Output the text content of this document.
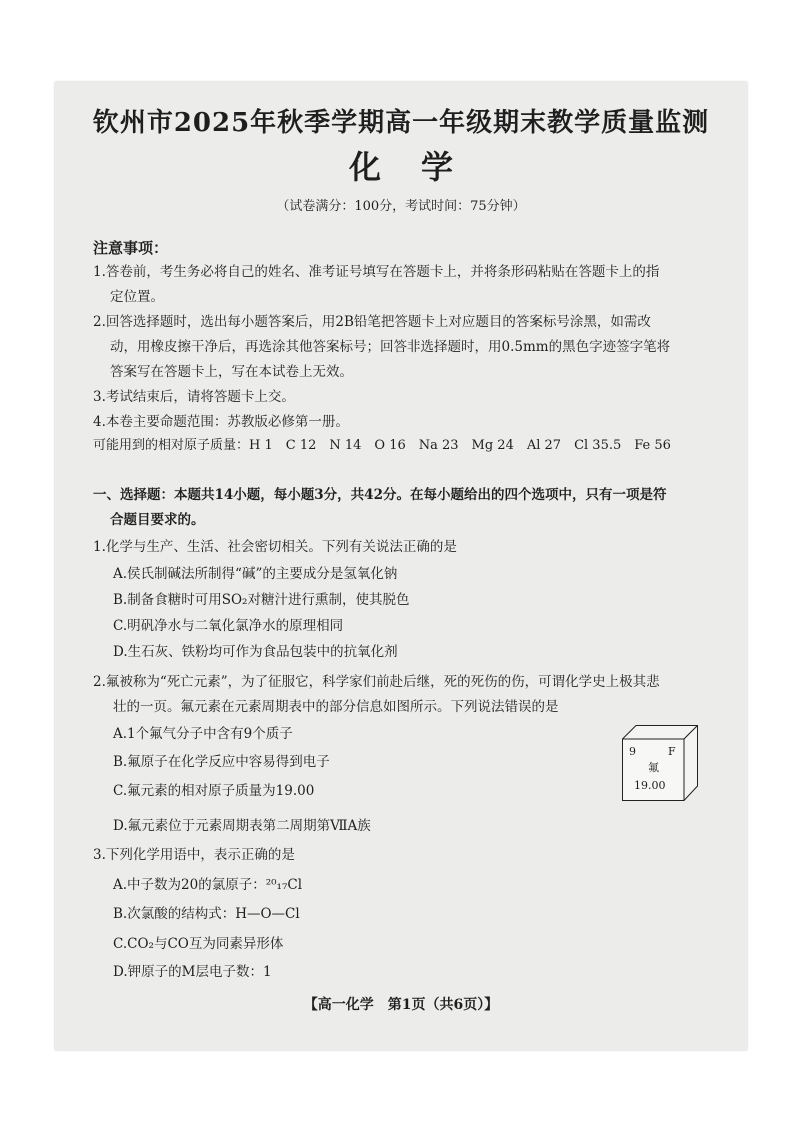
钦州市2025年秋季学期高一年级期末教学质量监测
化学
（试卷满分：100分，考试时间：75分钟）
注意事项：
1.答卷前，考生务必将自己的姓名、准考证号填写在答题卡上，并将条形码粘贴在答题卡上的指
定位置。
2.回答选择题时，选出每小题答案后，用2B铅笔把答题卡上对应题目的答案标号涂黑，如需改
动，用橡皮擦干净后，再选涂其他答案标号；回答非选择题时，用0.5mm的黑色字迹签字笔将
答案写在答题卡上，写在本试卷上无效。
3.考试结束后，请将答题卡上交。
4.本卷主要命题范围：苏教版必修第一册。
可能用到的相对原子质量：H 1　C 12　N 14　O 16　Na 23　Mg 24　Al 27　Cl 35.5　Fe 56
一、选择题：本题共14小题，每小题3分，共42分。在每小题给出的四个选项中，只有一项是符
合题目要求的。
1.化学与生产、生活、社会密切相关。下列有关说法正确的是
A.侯氏制碱法所制得“碱”的主要成分是氢氧化钠
B.制备食糖时可用SO₂对糖汁进行熏制，使其脱色
C.明矾净水与二氧化氯净水的原理相同
D.生石灰、铁粉均可作为食品包装中的抗氧化剂
2.氟被称为“死亡元素”，为了征服它，科学家们前赴后继，死的死伤的伤，可谓化学史上极其悲
壮的一页。氟元素在元素周期表中的部分信息如图所示。下列说法错误的是
A.1个氟气分子中含有9个质子
B.氟原子在化学反应中容易得到电子
C.氟元素的相对原子质量为19.00
D.氟元素位于元素周期表第二周期第ⅦA族
9	F
氟
19.00
3.下列化学用语中，表示正确的是
A.中子数为20的氯原子：²⁰₁₇Cl
B.次氯酸的结构式：H—O—Cl
C.CO₂与CO互为同素异形体
D.钾原子的M层电子数：1
【高一化学　第1页（共6页）】
